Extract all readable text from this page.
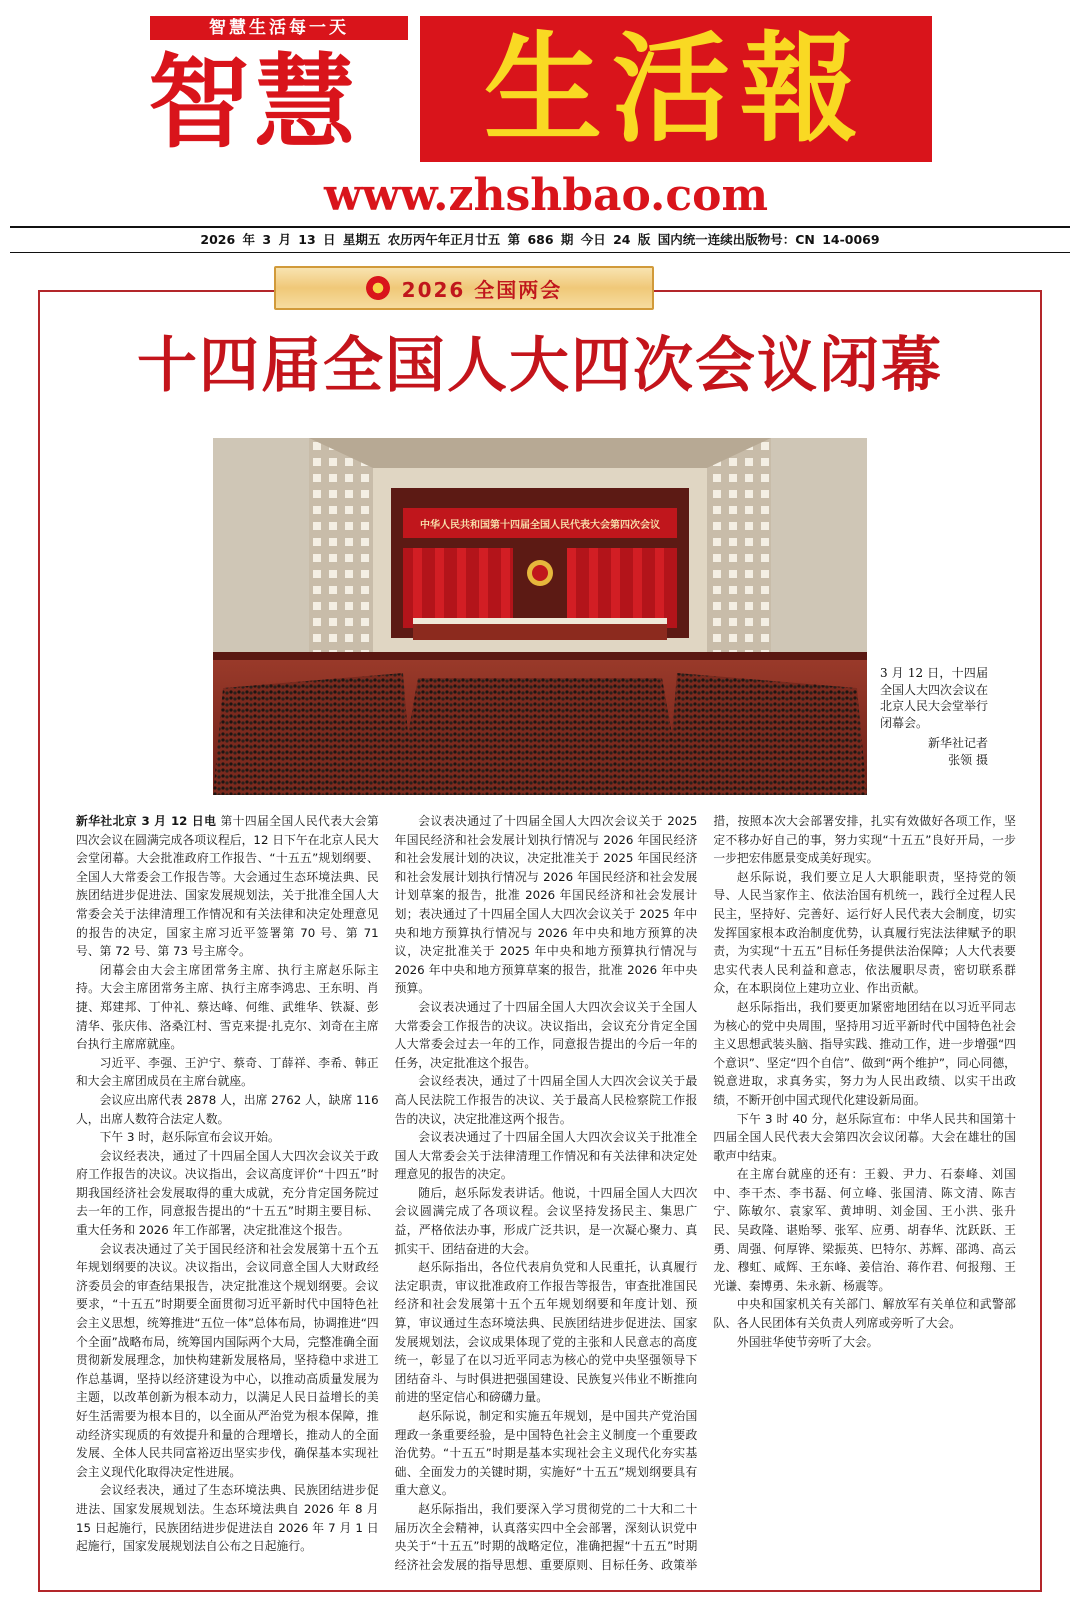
智慧生活每一天
智慧	生活報
www.zhshbao.com
2026 年 3 月 13 日 星期五 农历丙午年正月廿五 第 686 期 今日 24 版 国内统一连续出版物号：CN 14-0069
2026 全国两会
十四届全国人大四次会议闭幕
中华人民共和国第十四届全国人民代表大会第四次会议
3 月 12 日，十四届全国人大四次会议在北京人民大会堂举行闭幕会。
新华社记者
张领 摄

新华社北京 3 月 12 日电 第十四届全国人民代表大会第四次会议在圆满完成各项议程后，12 日下午在北京人民大会堂闭幕。大会批准政府工作报告、“十五五”规划纲要、全国人大常委会工作报告等。大会通过生态环境法典、民族团结进步促进法、国家发展规划法，关于批准全国人大常委会关于法律清理工作情况和有关法律和决定处理意见的报告的决定，国家主席习近平签署第 70 号、第 71 号、第 72 号、第 73 号主席令。

闭幕会由大会主席团常务主席、执行主席赵乐际主持。大会主席团常务主席、执行主席李鸿忠、王东明、肖捷、郑建邦、丁仲礼、蔡达峰、何维、武维华、铁凝、彭清华、张庆伟、洛桑江村、雪克来提·扎克尔、刘奇在主席台执行主席席就座。

习近平、李强、王沪宁、蔡奇、丁薛祥、李希、韩正和大会主席团成员在主席台就座。

会议应出席代表 2878 人，出席 2762 人，缺席 116 人，出席人数符合法定人数。

下午 3 时，赵乐际宣布会议开始。

会议经表决，通过了十四届全国人大四次会议关于政府工作报告的决议。决议指出，会议高度评价“十四五”时期我国经济社会发展取得的重大成就，充分肯定国务院过去一年的工作，同意报告提出的“十五五”时期主要目标、重大任务和 2026 年工作部署，决定批准这个报告。

会议表决通过了关于国民经济和社会发展第十五个五年规划纲要的决议。决议指出，会议同意全国人大财政经济委员会的审查结果报告，决定批准这个规划纲要。会议要求，“十五五”时期要全面贯彻习近平新时代中国特色社会主义思想，统筹推进“五位一体”总体布局，协调推进“四个全面”战略布局，统筹国内国际两个大局，完整准确全面贯彻新发展理念，加快构建新发展格局，坚持稳中求进工作总基调，坚持以经济建设为中心，以推动高质量发展为主题，以改革创新为根本动力，以满足人民日益增长的美好生活需要为根本目的，以全面从严治党为根本保障，推动经济实现质的有效提升和量的合理增长，推动人的全面发展、全体人民共同富裕迈出坚实步伐，确保基本实现社会主义现代化取得决定性进展。

会议经表决，通过了生态环境法典、民族团结进步促进法、国家发展规划法。生态环境法典自 2026 年 8 月 15 日起施行，民族团结进步促进法自 2026 年 7 月 1 日起施行，国家发展规划法自公布之日起施行。

会议表决通过了十四届全国人大四次会议关于 2025 年国民经济和社会发展计划执行情况与 2026 年国民经济和社会发展计划的决议，决定批准关于 2025 年国民经济和社会发展计划执行情况与 2026 年国民经济和社会发展计划草案的报告，批准 2026 年国民经济和社会发展计划；表决通过了十四届全国人大四次会议关于 2025 年中央和地方预算执行情况与 2026 年中央和地方预算的决议，决定批准关于 2025 年中央和地方预算执行情况与 2026 年中央和地方预算草案的报告，批准 2026 年中央预算。

会议表决通过了十四届全国人大四次会议关于全国人大常委会工作报告的决议。决议指出，会议充分肯定全国人大常委会过去一年的工作，同意报告提出的今后一年的任务，决定批准这个报告。

会议经表决，通过了十四届全国人大四次会议关于最高人民法院工作报告的决议、关于最高人民检察院工作报告的决议，决定批准这两个报告。

会议表决通过了十四届全国人大四次会议关于批准全国人大常委会关于法律清理工作情况和有关法律和决定处理意见的报告的决定。

随后，赵乐际发表讲话。他说，十四届全国人大四次会议圆满完成了各项议程。会议坚持发扬民主、集思广益，严格依法办事，形成广泛共识，是一次凝心聚力、真抓实干、团结奋进的大会。

赵乐际指出，各位代表肩负党和人民重托，认真履行法定职责，审议批准政府工作报告等报告，审查批准国民经济和社会发展第十五个五年规划纲要和年度计划、预算，审议通过生态环境法典、民族团结进步促进法、国家发展规划法，会议成果体现了党的主张和人民意志的高度统一，彰显了在以习近平同志为核心的党中央坚强领导下团结奋斗、与时俱进把强国建设、民族复兴伟业不断推向前进的坚定信心和磅礴力量。

赵乐际说，制定和实施五年规划，是中国共产党治国理政一条重要经验，是中国特色社会主义制度一个重要政治优势。“十五五”时期是基本实现社会主义现代化夯实基础、全面发力的关键时期，实施好“十五五”规划纲要具有重大意义。

赵乐际指出，我们要深入学习贯彻党的二十大和二十届历次全会精神，认真落实四中全会部署，深刻认识党中央关于“十五五”时期的战略定位，准确把握“十五五”时期经济社会发展的指导思想、重要原则、目标任务、政策举措，按照本次大会部署安排，扎实有效做好各项工作，坚定不移办好自己的事，努力实现“十五五”良好开局，一步一步把宏伟愿景变成美好现实。

赵乐际说，我们要立足人大职能职责，坚持党的领导、人民当家作主、依法治国有机统一，践行全过程人民民主，坚持好、完善好、运行好人民代表大会制度，切实发挥国家根本政治制度优势，认真履行宪法法律赋予的职责，为实现“十五五”目标任务提供法治保障；人大代表要忠实代表人民利益和意志，依法履职尽责，密切联系群众，在本职岗位上建功立业、作出贡献。

赵乐际指出，我们要更加紧密地团结在以习近平同志为核心的党中央周围，坚持用习近平新时代中国特色社会主义思想武装头脑、指导实践、推动工作，进一步增强“四个意识”、坚定“四个自信”、做到“两个维护”，同心同德，锐意进取，求真务实，努力为人民出政绩、以实干出政绩，不断开创中国式现代化建设新局面。

下午 3 时 40 分，赵乐际宣布：中华人民共和国第十四届全国人民代表大会第四次会议闭幕。大会在雄壮的国歌声中结束。

在主席台就座的还有：王毅、尹力、石泰峰、刘国中、李干杰、李书磊、何立峰、张国清、陈文清、陈吉宁、陈敏尔、袁家军、黄坤明、刘金国、王小洪、张升民、吴政隆、谌贻琴、张军、应勇、胡春华、沈跃跃、王勇、周强、何厚铧、梁振英、巴特尔、苏辉、邵鸿、高云龙、穆虹、咸辉、王东峰、姜信治、蒋作君、何报翔、王光谦、秦博勇、朱永新、杨震等。

中央和国家机关有关部门、解放军有关单位和武警部队、各人民团体有关负责人列席或旁听了大会。

外国驻华使节旁听了大会。
